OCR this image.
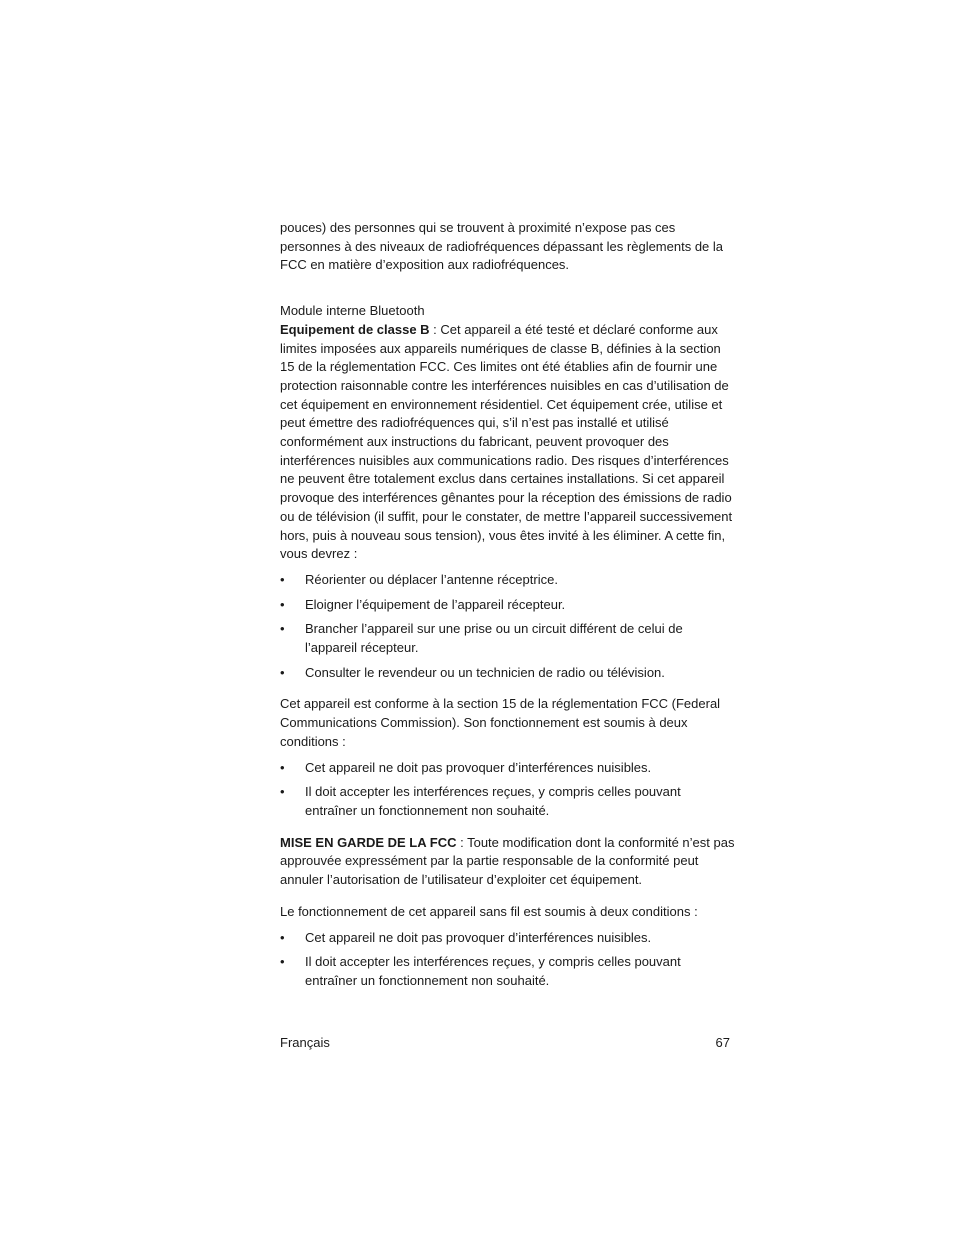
pouces) des personnes qui se trouvent à proximité n’expose pas ces personnes à des niveaux de radiofréquences dépassant les règlements de la FCC en matière d’exposition aux radiofréquences.

Module interne Bluetooth

Equipement de classe B : Cet appareil a été testé et déclaré conforme aux limites imposées aux appareils numériques de classe B, définies à la section 15 de la réglementation FCC. Ces limites ont été établies afin de fournir une protection raisonnable contre les interférences nuisibles en cas d’utilisation de cet équipement en environnement résidentiel. Cet équipement crée, utilise et peut émettre des radiofréquences qui, s’il n’est pas installé et utilisé conformément aux instructions du fabricant, peuvent provoquer des interférences nuisibles aux communications radio. Des risques d’interférences ne peuvent être totalement exclus dans certaines installations. Si cet appareil provoque des interférences gênantes pour la réception des émissions de radio ou de télévision (il suffit, pour le constater, de mettre l’appareil successivement hors, puis à nouveau sous tension), vous êtes invité à les éliminer. A cette fin, vous devrez :

• Réorienter ou déplacer l’antenne réceptrice.
• Eloigner l’équipement de l’appareil récepteur.
• Brancher l’appareil sur une prise ou un circuit différent de celui de l’appareil récepteur.
• Consulter le revendeur ou un technicien de radio ou télévision.

Cet appareil est conforme à la section 15 de la réglementation FCC (Federal Communications Commission). Son fonctionnement est soumis à deux conditions :

• Cet appareil ne doit pas provoquer d’interférences nuisibles.
• Il doit accepter les interférences reçues, y compris celles pouvant entraîner un fonctionnement non souhaité.

MISE EN GARDE DE LA FCC : Toute modification dont la conformité n’est pas approuvée expressément par la partie responsable de la conformité peut annuler l’autorisation de l’utilisateur d’exploiter cet équipement.

Le fonctionnement de cet appareil sans fil est soumis à deux conditions :

• Cet appareil ne doit pas provoquer d’interférences nuisibles.
• Il doit accepter les interférences reçues, y compris celles pouvant entraîner un fonctionnement non souhaité.
Français	67
